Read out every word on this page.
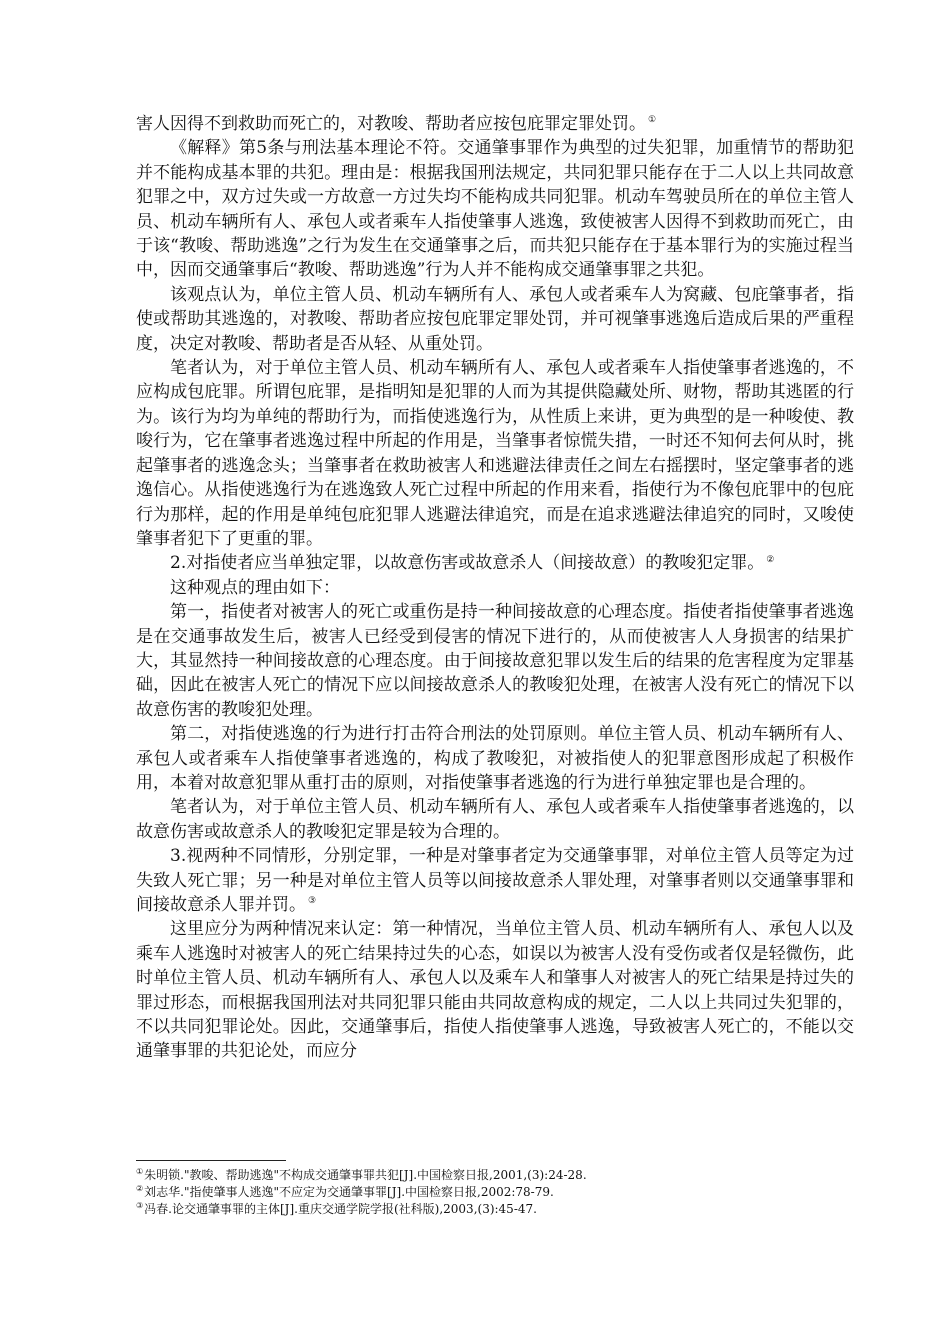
害人因得不到救助而死亡的，对教唆、帮助者应按包庇罪定罪处罚。 ①

《解释》第5条与刑法基本理论不符。交通肇事罪作为典型的过失犯罪，加重情节的帮助犯并不能构成基本罪的共犯。理由是：根据我国刑法规定，共同犯罪只能存在于二人以上共同故意犯罪之中，双方过失或一方故意一方过失均不能构成共同犯罪。机动车驾驶员所在的单位主管人员、机动车辆所有人、承包人或者乘车人指使肇事人逃逸，致使被害人因得不到救助而死亡，由于该“教唆、帮助逃逸”之行为发生在交通肇事之后，而共犯只能存在于基本罪行为的实施过程当中，因而交通肇事后“教唆、帮助逃逸”行为人并不能构成交通肇事罪之共犯。

该观点认为，单位主管人员、机动车辆所有人、承包人或者乘车人为窝藏、包庇肇事者，指使或帮助其逃逸的，对教唆、帮助者应按包庇罪定罪处罚，并可视肇事逃逸后造成后果的严重程度，决定对教唆、帮助者是否从轻、从重处罚。

笔者认为，对于单位主管人员、机动车辆所有人、承包人或者乘车人指使肇事者逃逸的，不应构成包庇罪。所谓包庇罪，是指明知是犯罪的人而为其提供隐藏处所、财物，帮助其逃匿的行为。该行为均为单纯的帮助行为，而指使逃逸行为，从性质上来讲，更为典型的是一种唆使、教唆行为，它在肇事者逃逸过程中所起的作用是，当肇事者惊慌失措，一时还不知何去何从时，挑起肇事者的逃逸念头；当肇事者在救助被害人和逃避法律责任之间左右摇摆时，坚定肇事者的逃逸信心。从指使逃逸行为在逃逸致人死亡过程中所起的作用来看，指使行为不像包庇罪中的包庇行为那样，起的作用是单纯包庇犯罪人逃避法律追究，而是在追求逃避法律追究的同时，又唆使肇事者犯下了更重的罪。

2.对指使者应当单独定罪，以故意伤害或故意杀人（间接故意）的教唆犯定罪。 ②

这种观点的理由如下：

第一，指使者对被害人的死亡或重伤是持一种间接故意的心理态度。指使者指使肇事者逃逸是在交通事故发生后，被害人已经受到侵害的情况下进行的，从而使被害人人身损害的结果扩大，其显然持一种间接故意的心理态度。由于间接故意犯罪以发生后的结果的危害程度为定罪基础，因此在被害人死亡的情况下应以间接故意杀人的教唆犯处理，在被害人没有死亡的情况下以故意伤害的教唆犯处理。

第二，对指使逃逸的行为进行打击符合刑法的处罚原则。单位主管人员、机动车辆所有人、承包人或者乘车人指使肇事者逃逸的，构成了教唆犯，对被指使人的犯罪意图形成起了积极作用，本着对故意犯罪从重打击的原则，对指使肇事者逃逸的行为进行单独定罪也是合理的。

笔者认为，对于单位主管人员、机动车辆所有人、承包人或者乘车人指使肇事者逃逸的，以故意伤害或故意杀人的教唆犯定罪是较为合理的。

3.视两种不同情形，分别定罪，一种是对肇事者定为交通肇事罪，对单位主管人员等定为过失致人死亡罪；另一种是对单位主管人员等以间接故意杀人罪处理，对肇事者则以交通肇事罪和间接故意杀人罪并罚。 ③

这里应分为两种情况来认定：第一种情况，当单位主管人员、机动车辆所有人、承包人以及乘车人逃逸时对被害人的死亡结果持过失的心态，如误以为被害人没有受伤或者仅是轻微伤，此时单位主管人员、机动车辆所有人、承包人以及乘车人和肇事人对被害人的死亡结果是持过失的罪过形态，而根据我国刑法对共同犯罪只能由共同故意构成的规定，二人以上共同过失犯罪的，不以共同犯罪论处。因此，交通肇事后，指使人指使肇事人逃逸，导致被害人死亡的，不能以交通肇事罪的共犯论处，而应分

①朱明锁."教唆、帮助逃逸"不构成交通肇事罪共犯[J].中国检察日报,2001,(3):24-28.

②刘志华."指使肇事人逃逸"不应定为交通肇事罪[J].中国检察日报,2002:78-79.

③冯春.论交通肇事罪的主体[J].重庆交通学院学报(社科版),2003,(3):45-47.
